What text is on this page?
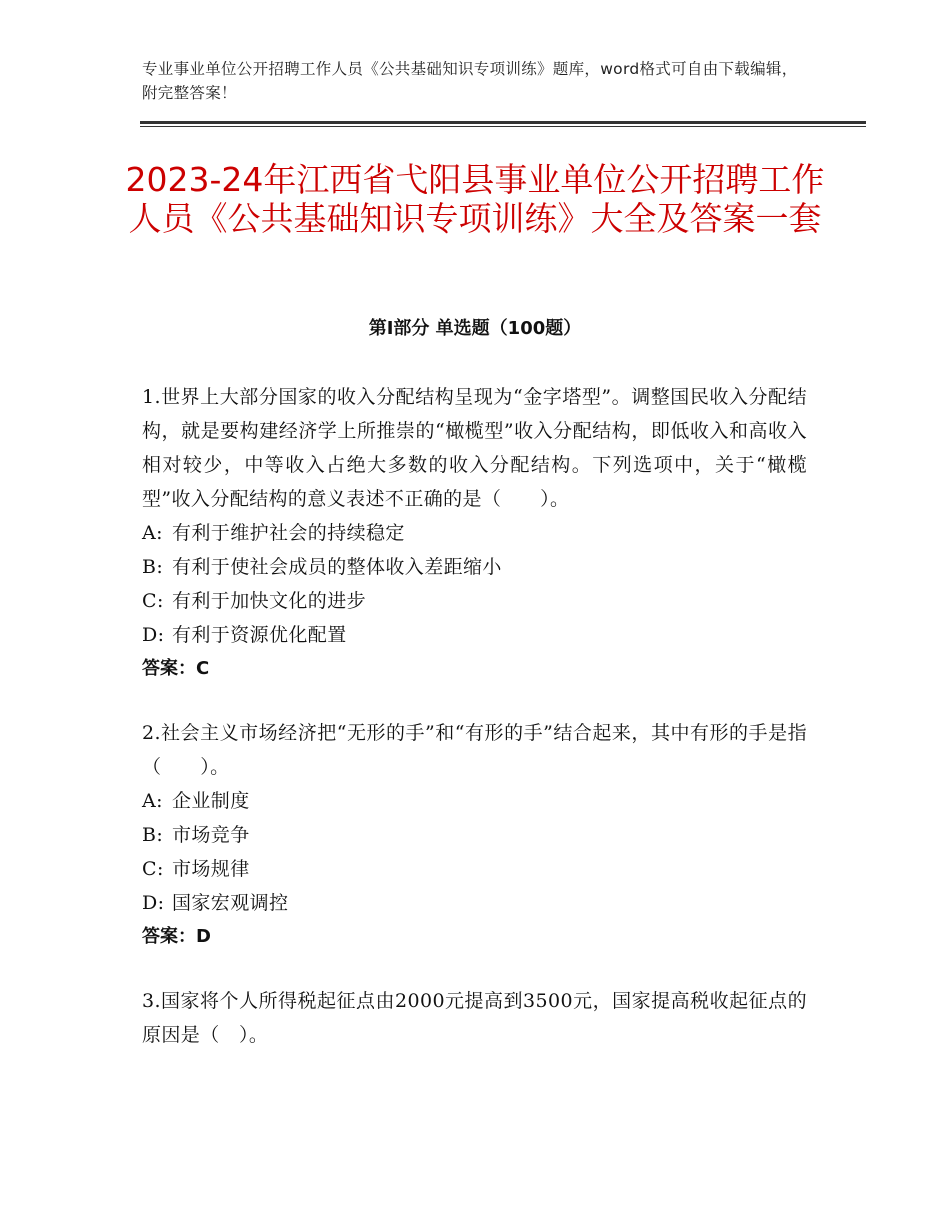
专业事业单位公开招聘工作人员《公共基础知识专项训练》题库，word格式可自由下载编辑，附完整答案！
2023-24年江西省弋阳县事业单位公开招聘工作人员《公共基础知识专项训练》大全及答案一套
第Ⅰ部分 单选题（100题）
1.世界上大部分国家的收入分配结构呈现为“金字塔型”。调整国民收入分配结构，就是要构建经济学上所推崇的“橄榄型”收入分配结构，即低收入和高收入相对较少，中等收入占绝大多数的收入分配结构。下列选项中，关于“橄榄型”收入分配结构的意义表述不正确的是（　　）。
A: 有利于维护社会的持续稳定
B: 有利于使社会成员的整体收入差距缩小
C: 有利于加快文化的进步
D: 有利于资源优化配置
答案：C
2.社会主义市场经济把“无形的手”和“有形的手”结合起来，其中有形的手是指（　　）。
A: 企业制度
B: 市场竞争
C: 市场规律
D: 国家宏观调控
答案：D
3.国家将个人所得税起征点由2000元提高到3500元，国家提高税收起征点的原因是（　）。
